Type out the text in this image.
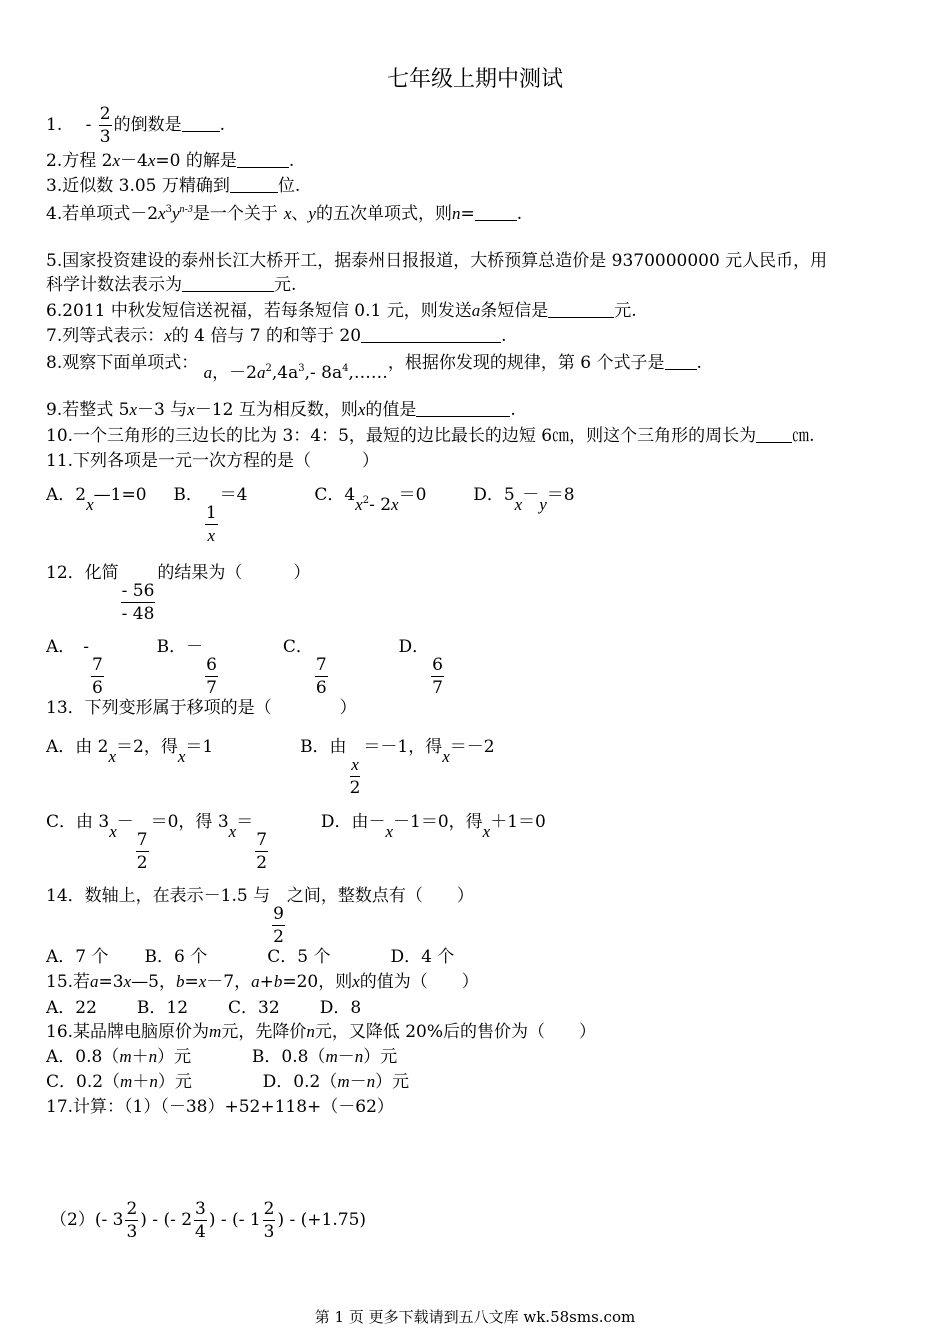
七年级上期中测试
1. - $\frac{2}{3}$ 的倒数是 .
2.方程 2x－4x=0 的解是	.
3.近似数 3.05 万精确到	位.
4.若单项式$-2x^3y^{n-3}$是一个关于 x、y的五次单项式，则n= .
5.国家投资建设的泰州长江大桥开工，据泰州日报报道，大桥预算总造价是 9370000000 元人民币，用
科学计数法表示为	元.
6.2011 中秋发短信送祝福，若每条短信 0.1 元，则发送a条短信是	元.
7.列等式表示：x的 4 倍与 7 的和等于 20	.
8.观察下面单项式： a，$-2a^2,4a^3,-$ $8a^4,\dots\dots$，根据你发现的规律，第 6 个式子是 .
9.若整式 5x－3 与x－12 互为相反数，则x的值是	.
10.一个三角形的三边长的比为 3：4：5，最短的边比最长的边短 6㎝，则这个三角形的周长为 ㎝.
11.下列各项是一元一次方程的是（　　　）
A．2x—1=0 B．
$\frac{1}{x}$
＝4	C．$4x^2-$ 2x＝0	D．5x－y＝8
12．化简
$\frac{- 56}{- 48}$
的结果为（　　　）
A． -
$\frac{7}{6}$
B．－
$\frac{6}{7}$
C．
$\frac{7}{6}$
D．
$\frac{6}{7}$
13．下列变形属于移项的是（　　　　）
A．由 2x＝2，得x＝1	B．由
$\frac{x}{2}$
＝－1，得x＝－2
C．由 3x－
$\frac{7}{2}$
＝0，得 3x＝
$\frac{7}{2}$
D．由－x－1＝0，得x＋1＝0
14．数轴上，在表示－1.5 与
$\frac{9}{2}$
之间，整数点有（　　）
A．7 个 B．6 个	C．5 个	D．4 个
15.若a=3x—5，b=x－7，a+b=20，则x的值为（　　）
A．22 B．12 C．32 D．8
16.某品牌电脑原价为m元，先降价n元，又降低 20%后的售价为（　　）
A．0.8（m＋n）元	B．0.8（m－n）元
C．0.2（m＋n）元	D．0.2（m－n）元
17.计算：（1）（－38）+52+118+（－62）
（2）(- $3 \frac{2}{3}$ ) - (- $2 \frac{3}{4}$ ) - (- $1 \frac{2}{3}$ ) - (+1.75)
第 1 页 更多下载请到五八文库 wk.58sms.com
